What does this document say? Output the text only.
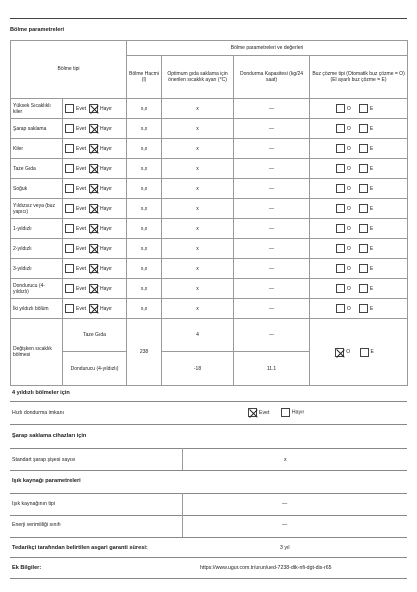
Bölme parametreleri
Bölme tipi		Bölme parametreleri ve değerleri			
		Bölme Hacmi (l)	Optimum gıda saklama için önerilen sıcaklık ayarı (°C)	Dondurma Kapasitesi (kg/24 saat)	Buz çözme tipi (Otomatik buz çözme = O) (El ayarlı buz çözme = E)
Yüksek Sıcaklıklı kiler	Evet Hayır	x,x	x	—	O E
Şarap saklama	Evet Hayır	x,x	x	—	O E
Kiler	Evet Hayır	x,x	x	—	O E
Taze Gıda	Evet Hayır	x,x	x	—	O E
Soğuk	Evet Hayır	x,x	x	—	O E
Yıldızsız veya (buz yapıcı)	Evet Hayır	x,x	x	—	O E
1-yıldızlı	Evet Hayır	x,x	x	—	O E
2-yıldızlı	Evet Hayır	x,x	x	—	O E
3-yıldızlı	Evet Hayır	x,x	x	—	O E
Dondurucu (4-yıldızlı)	Evet Hayır	x,x	x	—	O E
İki yıldızlı bölüm	Evet Hayır	x,x	x	—	O E
Değişken sıcaklık bölmesi	Taze Gıda	238	4	—	O E
	Dondurucu (4-yıldızlı)		-18	11.1	
4 yıldızlı bölmeler için
Hızlı dondurma imkanı	Evet	Hayır
Şarap saklama cihazları için
Standart şarap şişesi sayısı	x
Işık kaynağı parametreleri
Işık kaynağının tipi	—
Enerji verimliliği sınıfı	—
Tedarikçi tarafından belirtilen asgari garanti süresi:	3 yıl
Ek Bilgiler:	https://www.ugur.com.tr/urun/ued-7238-dtk-nfi-dgt-dis-r65
